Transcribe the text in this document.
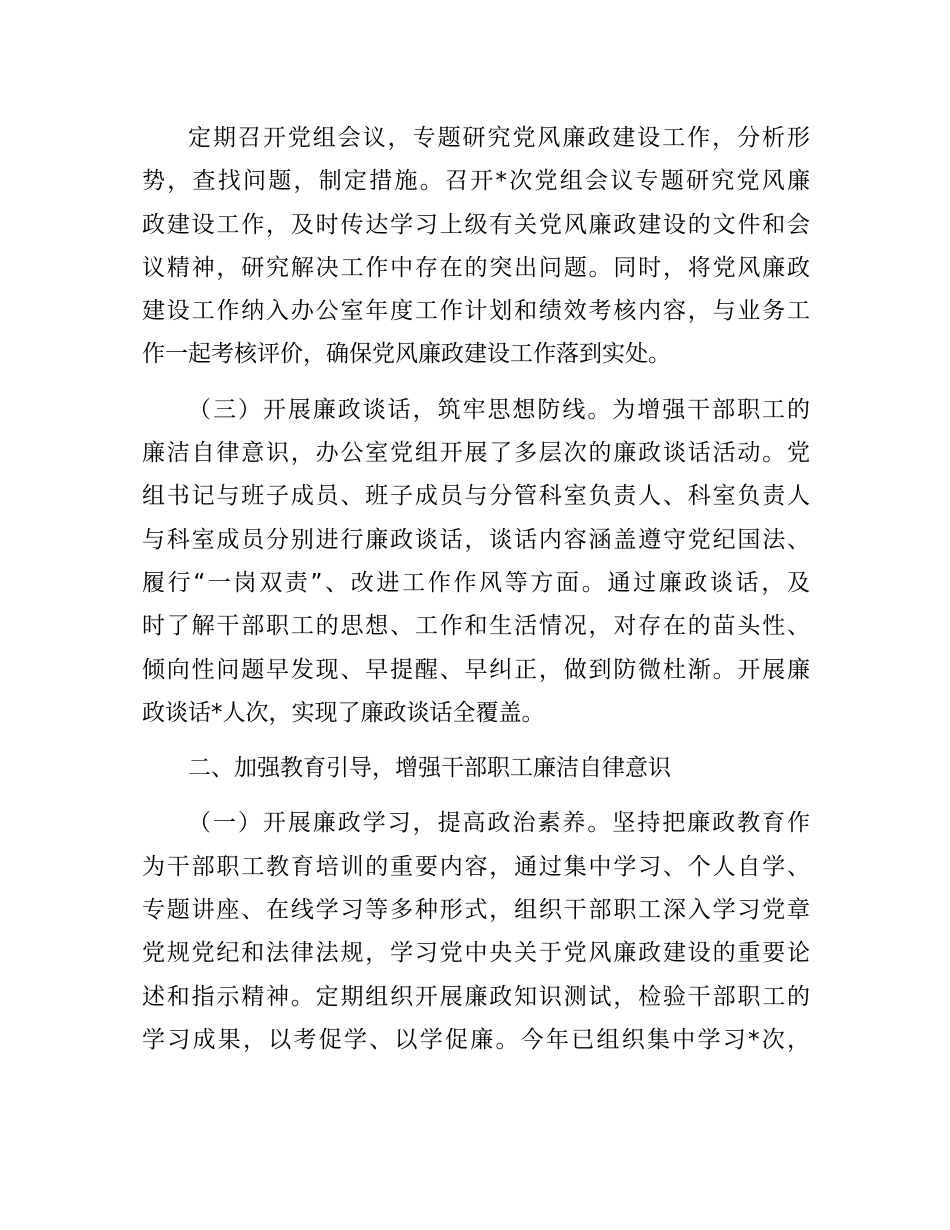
定期召开党组会议，专题研究党风廉政建设工作，分析形
势，查找问题，制定措施。召开*次党组会议专题研究党风廉
政建设工作，及时传达学习上级有关党风廉政建设的文件和会
议精神，研究解决工作中存在的突出问题。同时，将党风廉政
建设工作纳入办公室年度工作计划和绩效考核内容，与业务工
作一起考核评价，确保党风廉政建设工作落到实处。
（三）开展廉政谈话，筑牢思想防线。为增强干部职工的
廉洁自律意识，办公室党组开展了多层次的廉政谈话活动。党
组书记与班子成员、班子成员与分管科室负责人、科室负责人
与科室成员分别进行廉政谈话，谈话内容涵盖遵守党纪国法、
履行“一岗双责”、改进工作作风等方面。通过廉政谈话，及
时了解干部职工的思想、工作和生活情况，对存在的苗头性、
倾向性问题早发现、早提醒、早纠正，做到防微杜渐。开展廉
政谈话*人次，实现了廉政谈话全覆盖。
二、加强教育引导，增强干部职工廉洁自律意识
（一）开展廉政学习，提高政治素养。坚持把廉政教育作
为干部职工教育培训的重要内容，通过集中学习、个人自学、
专题讲座、在线学习等多种形式，组织干部职工深入学习党章
党规党纪和法律法规，学习党中央关于党风廉政建设的重要论
述和指示精神。定期组织开展廉政知识测试，检验干部职工的
学习成果，以考促学、以学促廉。今年已组织集中学习*次，
